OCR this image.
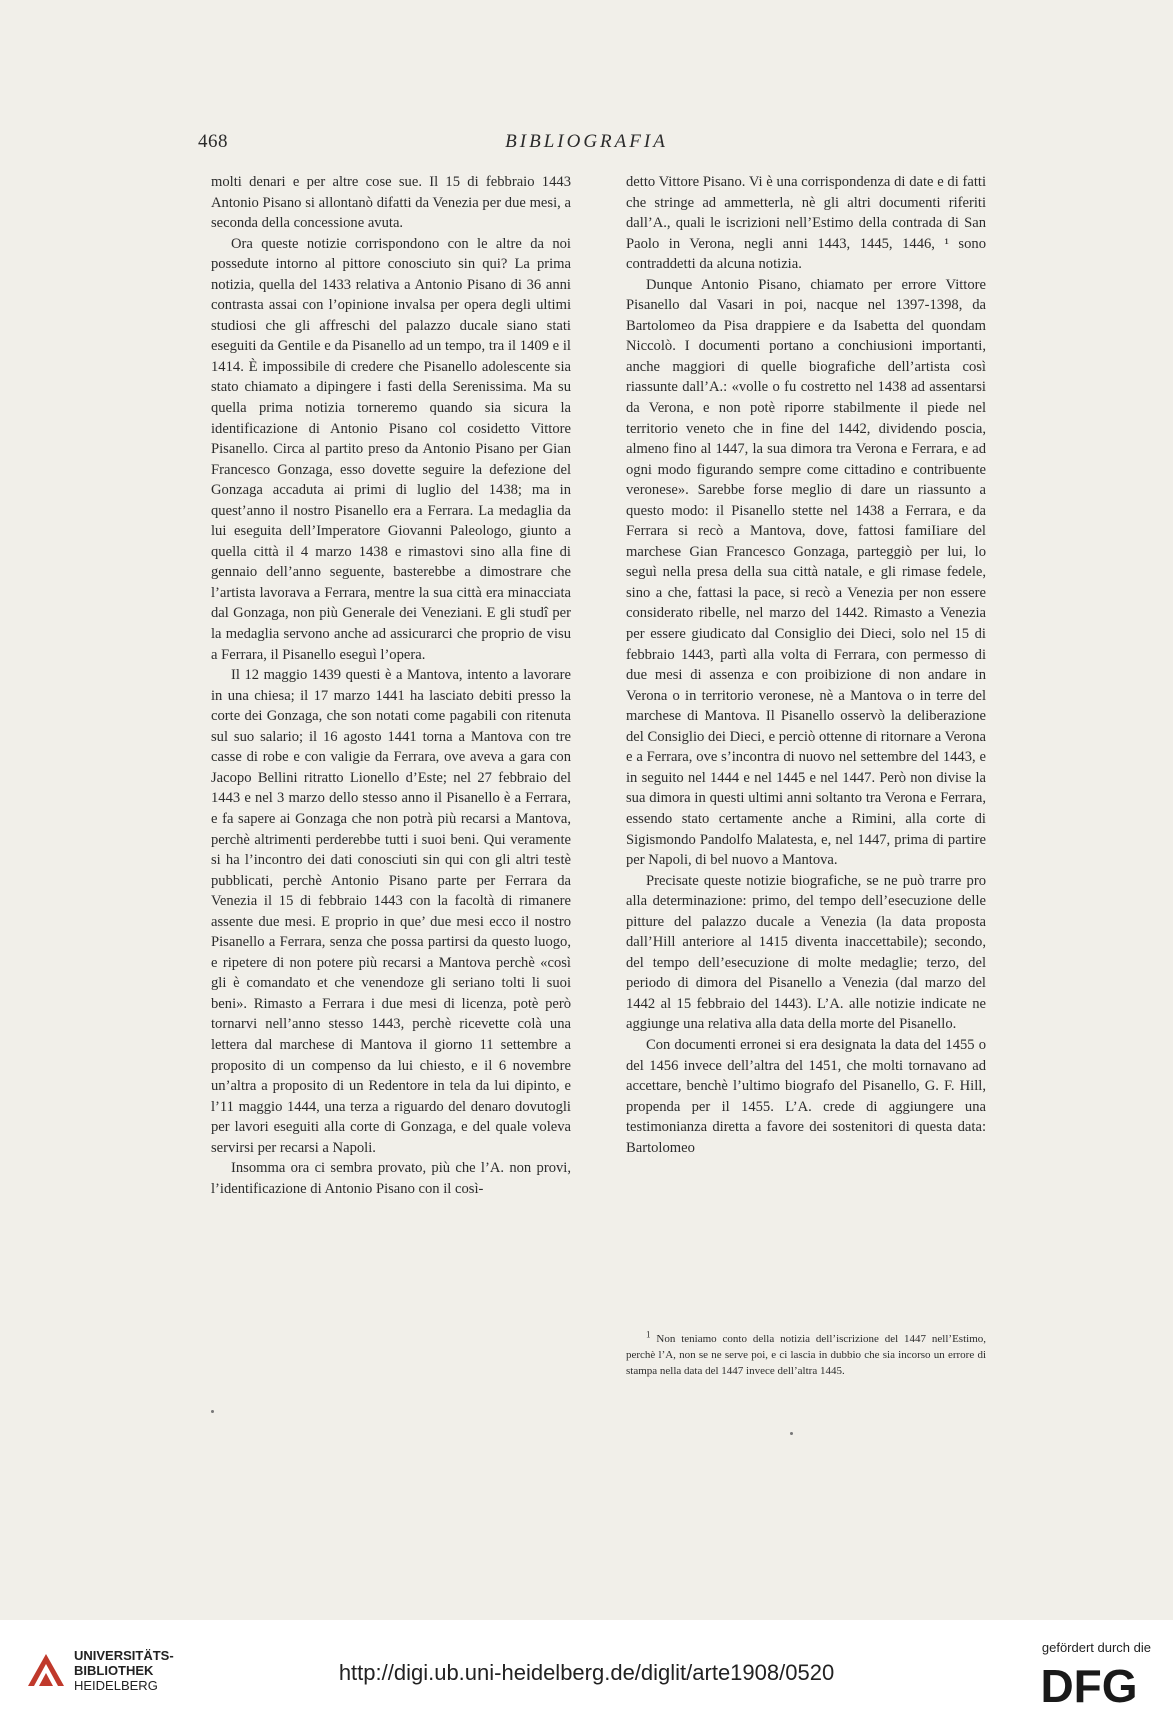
BIBLIOGRAFIA
468

molti denari e per altre cose sue. Il 15 di febbraio 1443 Antonio Pisano si allontanò difatti da Venezia per due mesi, a seconda della concessione avuta.

Ora queste notizie corrispondono con le altre da noi possedute intorno al pittore conosciuto sin qui? La prima notizia, quella del 1433 relativa a Antonio Pisano di 36 anni contrasta assai con l’opinione invalsa per opera degli ultimi studiosi che gli affreschi del palazzo ducale siano stati eseguiti da Gentile e da Pisanello ad un tempo, tra il 1409 e il 1414. È impossibile di credere che Pisanello adolescente sia stato chiamato a dipingere i fasti della Serenissima. Ma su quella prima notizia torneremo quando sia sicura la identificazione di Antonio Pisano col cosidetto Vittore Pisanello. Circa al partito preso da Antonio Pisano per Gian Francesco Gonzaga, esso dovette seguire la defezione del Gonzaga accaduta ai primi di luglio del 1438; ma in quest’anno il nostro Pisanello era a Ferrara. La medaglia da lui eseguita dell’Imperatore Giovanni Paleologo, giunto a quella città il 4 marzo 1438 e rimastovi sino alla fine di gennaio dell’anno seguente, basterebbe a dimostrare che l’artista lavorava a Ferrara, mentre la sua città era minacciata dal Gonzaga, non più Generale dei Veneziani. E gli studî per la medaglia servono anche ad assicurarci che proprio de visu a Ferrara, il Pisanello eseguì l’opera.

Il 12 maggio 1439 questi è a Mantova, intento a lavorare in una chiesa; il 17 marzo 1441 ha lasciato debiti presso la corte dei Gonzaga, che son notati come pagabili con ritenuta sul suo salario; il 16 agosto 1441 torna a Mantova con tre casse di robe e con valigie da Ferrara, ove aveva a gara con Jacopo Bellini ritratto Lionello d’Este; nel 27 febbraio del 1443 e nel 3 marzo dello stesso anno il Pisanello è a Ferrara, e fa sapere ai Gonzaga che non potrà più recarsi a Mantova, perchè altrimenti perderebbe tutti i suoi beni. Qui veramente si ha l’incontro dei dati conosciuti sin qui con gli altri testè pubblicati, perchè Antonio Pisano parte per Ferrara da Venezia il 15 di febbraio 1443 con la facoltà di rimanere assente due mesi. E proprio in que’ due mesi ecco il nostro Pisanello a Ferrara, senza che possa partirsi da questo luogo, e ripetere di non potere più recarsi a Mantova perchè «così gli è comandato et che venendoze gli seriano tolti li suoi beni». Rimasto a Ferrara i due mesi di licenza, potè però tornarvi nell’anno stesso 1443, perchè ricevette colà una lettera dal marchese di Mantova il giorno 11 settembre a proposito di un compenso da lui chiesto, e il 6 novembre un’altra a proposito di un Redentore in tela da lui dipinto, e l’11 maggio 1444, una terza a riguardo del denaro dovutogli per lavori eseguiti alla corte di Gonzaga, e del quale voleva servirsi per recarsi a Napoli.

Insomma ora ci sembra provato, più che l’A. non provi, l’identificazione di Antonio Pisano con il così-

detto Vittore Pisano. Vi è una corrispondenza di date e di fatti che stringe ad ammetterla, nè gli altri documenti riferiti dall’A., quali le iscrizioni nell’Estimo della contrada di San Paolo in Verona, negli anni 1443, 1445, 1446, ¹ sono contraddetti da alcuna notizia.

Dunque Antonio Pisano, chiamato per errore Vittore Pisanello dal Vasari in poi, nacque nel 1397-1398, da Bartolomeo da Pisa drappiere e da Isabetta del quondam Niccolò. I documenti portano a conchiusioni importanti, anche maggiori di quelle biografiche dell’artista così riassunte dall’A.: «volle o fu costretto nel 1438 ad assentarsi da Verona, e non potè riporre stabilmente il piede nel territorio veneto che in fine del 1442, dividendo poscia, almeno fino al 1447, la sua dimora tra Verona e Ferrara, e ad ogni modo figurando sempre come cittadino e contribuente veronese». Sarebbe forse meglio di dare un riassunto a questo modo: il Pisanello stette nel 1438 a Ferrara, e da Ferrara si recò a Mantova, dove, fattosi famiIiare del marchese Gian Francesco Gonzaga, parteggiò per lui, lo seguì nella presa della sua città natale, e gli rimase fedele, sino a che, fattasi la pace, si recò a Venezia per non essere considerato ribelle, nel marzo del 1442. Rimasto a Venezia per essere giudicato dal Consiglio dei Dieci, solo nel 15 di febbraio 1443, partì alla volta di Ferrara, con permesso di due mesi di assenza e con proibizione di non andare in Verona o in territorio veronese, nè a Mantova o in terre del marchese di Mantova. Il Pisanello osservò la deliberazione del Consiglio dei Dieci, e perciò ottenne di ritornare a Verona e a Ferrara, ove s’incontra di nuovo nel settembre del 1443, e in seguito nel 1444 e nel 1445 e nel 1447. Però non divise la sua dimora in questi ultimi anni soltanto tra Verona e Ferrara, essendo stato certamente anche a Rimini, alla corte di Sigismondo Pandolfo Malatesta, e, nel 1447, prima di partire per Napoli, di bel nuovo a Mantova.

Precisate queste notizie biografiche, se ne può trarre pro alla determinazione: primo, del tempo dell’esecuzione delle pitture del palazzo ducale a Venezia (la data proposta dall’Hill anteriore al 1415 diventa inaccettabile); secondo, del tempo dell’esecuzione di molte medaglie; terzo, del periodo di dimora del Pisanello a Venezia (dal marzo del 1442 al 15 febbraio del 1443). L’A. alle notizie indicate ne aggiunge una relativa alla data della morte del Pisanello.

Con documenti erronei si era designata la data del 1455 o del 1456 invece dell’altra del 1451, che molti tornavano ad accettare, benchè l’ultimo biografo del Pisanello, G. F. Hill, propenda per il 1455. L’A. crede di aggiungere una testimonianza diretta a favore dei sostenitori di questa data: Bartolomeo

$^1$ Non teniamo conto della notizia dell’iscrizione del 1447 nell’Estimo, perchè l’A, non se ne serve poi, e ci lascia in dubbio che sia incorso un errore di stampa nella data del 1447 invece dell’altra 1445.

UNIVERSITÄTS-
BIBLIOTHEK
HEIDELBERG
http://digi.ub.uni-heidelberg.de/diglit/arte1908/0520
gefördert durch die
DFG
